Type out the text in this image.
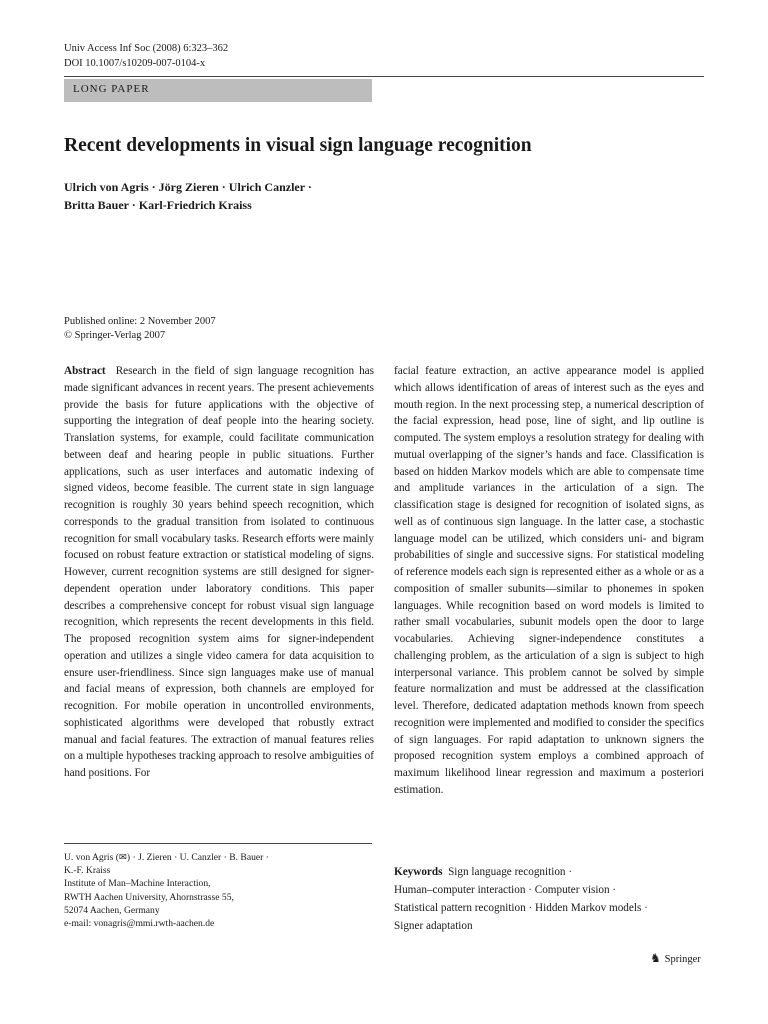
Univ Access Inf Soc (2008) 6:323–362
DOI 10.1007/s10209-007-0104-x
LONG PAPER
Recent developments in visual sign language recognition
Ulrich von Agris · Jörg Zieren · Ulrich Canzler ·
Britta Bauer · Karl-Friedrich Kraiss
Published online: 2 November 2007
© Springer-Verlag 2007
Abstract Research in the field of sign language recognition has made significant advances in recent years. The present achievements provide the basis for future applications with the objective of supporting the integration of deaf people into the hearing society. Translation systems, for example, could facilitate communication between deaf and hearing people in public situations. Further applications, such as user interfaces and automatic indexing of signed videos, become feasible. The current state in sign language recognition is roughly 30 years behind speech recognition, which corresponds to the gradual transition from isolated to continuous recognition for small vocabulary tasks. Research efforts were mainly focused on robust feature extraction or statistical modeling of signs. However, current recognition systems are still designed for signer-dependent operation under laboratory conditions. This paper describes a comprehensive concept for robust visual sign language recognition, which represents the recent developments in this field. The proposed recognition system aims for signer-independent operation and utilizes a single video camera for data acquisition to ensure user-friendliness. Since sign languages make use of manual and facial means of expression, both channels are employed for recognition. For mobile operation in uncontrolled environments, sophisticated algorithms were developed that robustly extract manual and facial features. The extraction of manual features relies on a multiple hypotheses tracking approach to resolve ambiguities of hand positions. For
facial feature extraction, an active appearance model is applied which allows identification of areas of interest such as the eyes and mouth region. In the next processing step, a numerical description of the facial expression, head pose, line of sight, and lip outline is computed. The system employs a resolution strategy for dealing with mutual overlapping of the signer’s hands and face. Classification is based on hidden Markov models which are able to compensate time and amplitude variances in the articulation of a sign. The classification stage is designed for recognition of isolated signs, as well as of continuous sign language. In the latter case, a stochastic language model can be utilized, which considers uni- and bigram probabilities of single and successive signs. For statistical modeling of reference models each sign is represented either as a whole or as a composition of smaller subunits—similar to phonemes in spoken languages. While recognition based on word models is limited to rather small vocabularies, subunit models open the door to large vocabularies. Achieving signer-independence constitutes a challenging problem, as the articulation of a sign is subject to high interpersonal variance. This problem cannot be solved by simple feature normalization and must be addressed at the classification level. Therefore, dedicated adaptation methods known from speech recognition were implemented and modified to consider the specifics of sign languages. For rapid adaptation to unknown signers the proposed recognition system employs a combined approach of maximum likelihood linear regression and maximum a posteriori estimation.
U. von Agris (✉) · J. Zieren · U. Canzler · B. Bauer ·
K.-F. Kraiss
Institute of Man–Machine Interaction,
RWTH Aachen University, Ahornstrasse 55,
52074 Aachen, Germany
e-mail: vonagris@mmi.rwth-aachen.de
Keywords Sign language recognition ·
Human–computer interaction · Computer vision ·
Statistical pattern recognition · Hidden Markov models ·
Signer adaptation
♞ Springer
